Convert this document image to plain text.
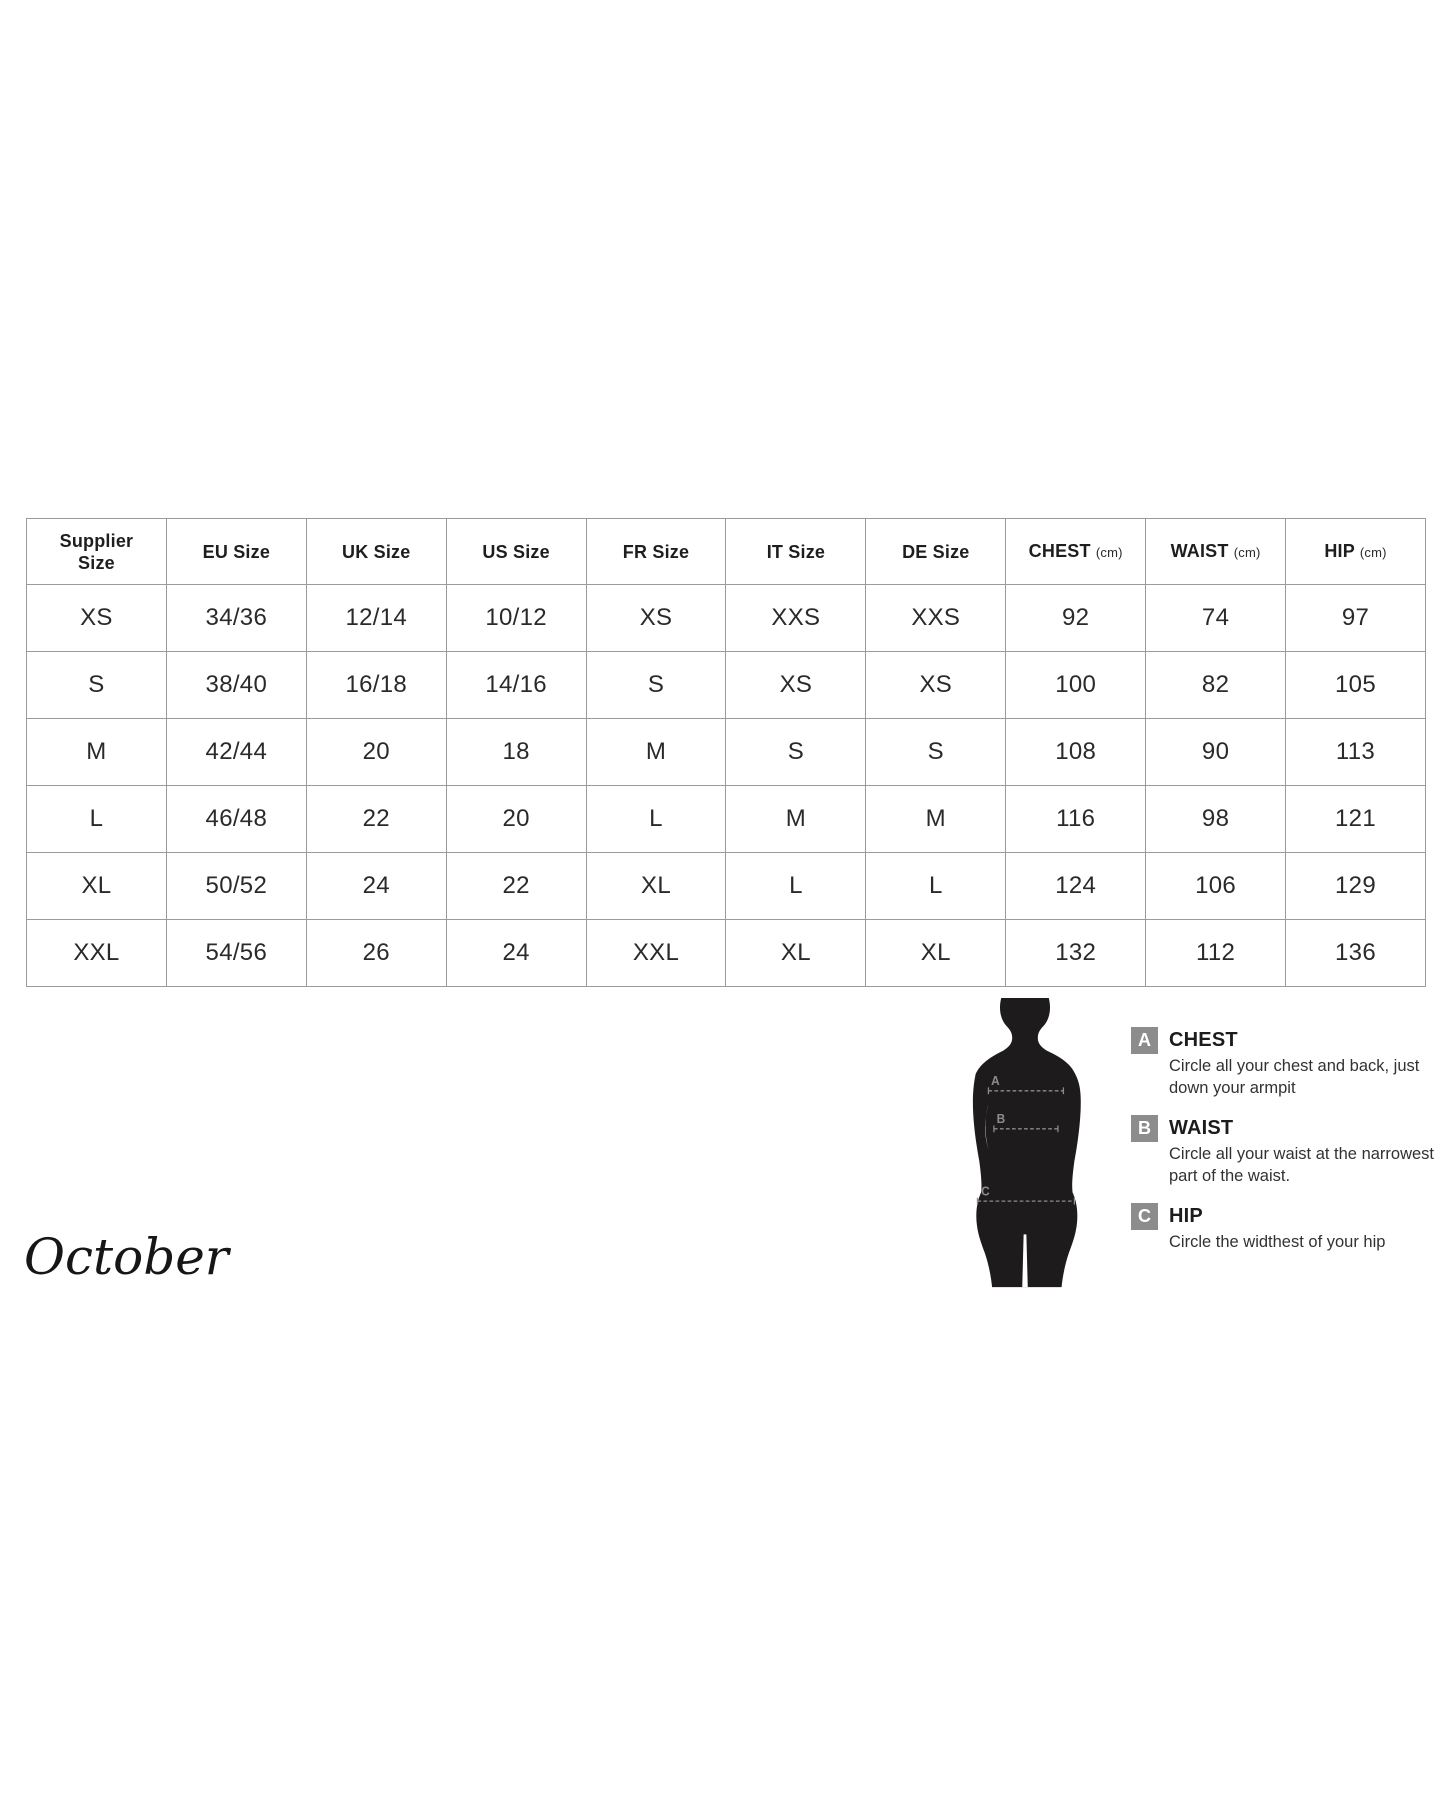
Supplier Size	EU Size	UK Size	US Size	FR Size	IT Size	DE Size	CHEST (cm)	WAIST (cm)	HIP (cm)
XS	34/36	12/14	10/12	XS	XXS	XXS	92	74	97
S	38/40	16/18	14/16	S	XS	XS	100	82	105
M	42/44	20	18	M	S	S	108	90	113
L	46/48	22	20	L	M	M	116	98	121
XL	50/52	24	22	XL	L	L	124	106	129
XXL	54/56	26	24	XXL	XL	XL	132	112	136
A
B
C
A CHEST
Circle all your chest and back, just down your armpit
B WAIST
Circle all your waist at the narrowest part of the waist.
C HIP
Circle the widthest of your hip
October
